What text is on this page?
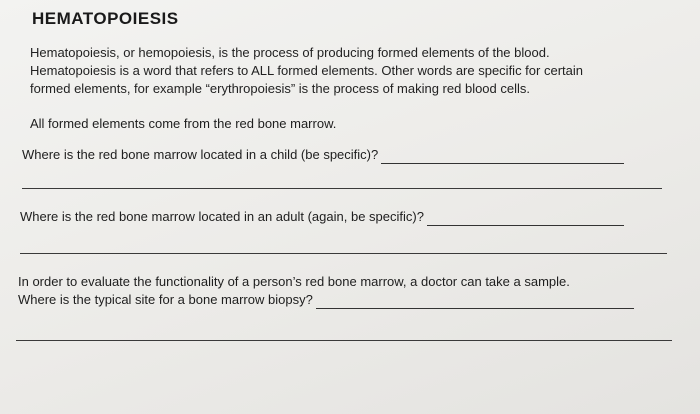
HEMATOPOIESIS
Hematopoiesis, or hemopoiesis, is the process of producing formed elements of the blood.
Hematopoiesis is a word that refers to ALL formed elements. Other words are specific for certain
formed elements, for example “erythropoiesis” is the process of making red blood cells.
All formed elements come from the red bone marrow.
Where is the red bone marrow located in a child (be specific)?
Where is the red bone marrow located in an adult (again, be specific)?
In order to evaluate the functionality of a person’s red bone marrow, a doctor can take a sample.
Where is the typical site for a bone marrow biopsy?
